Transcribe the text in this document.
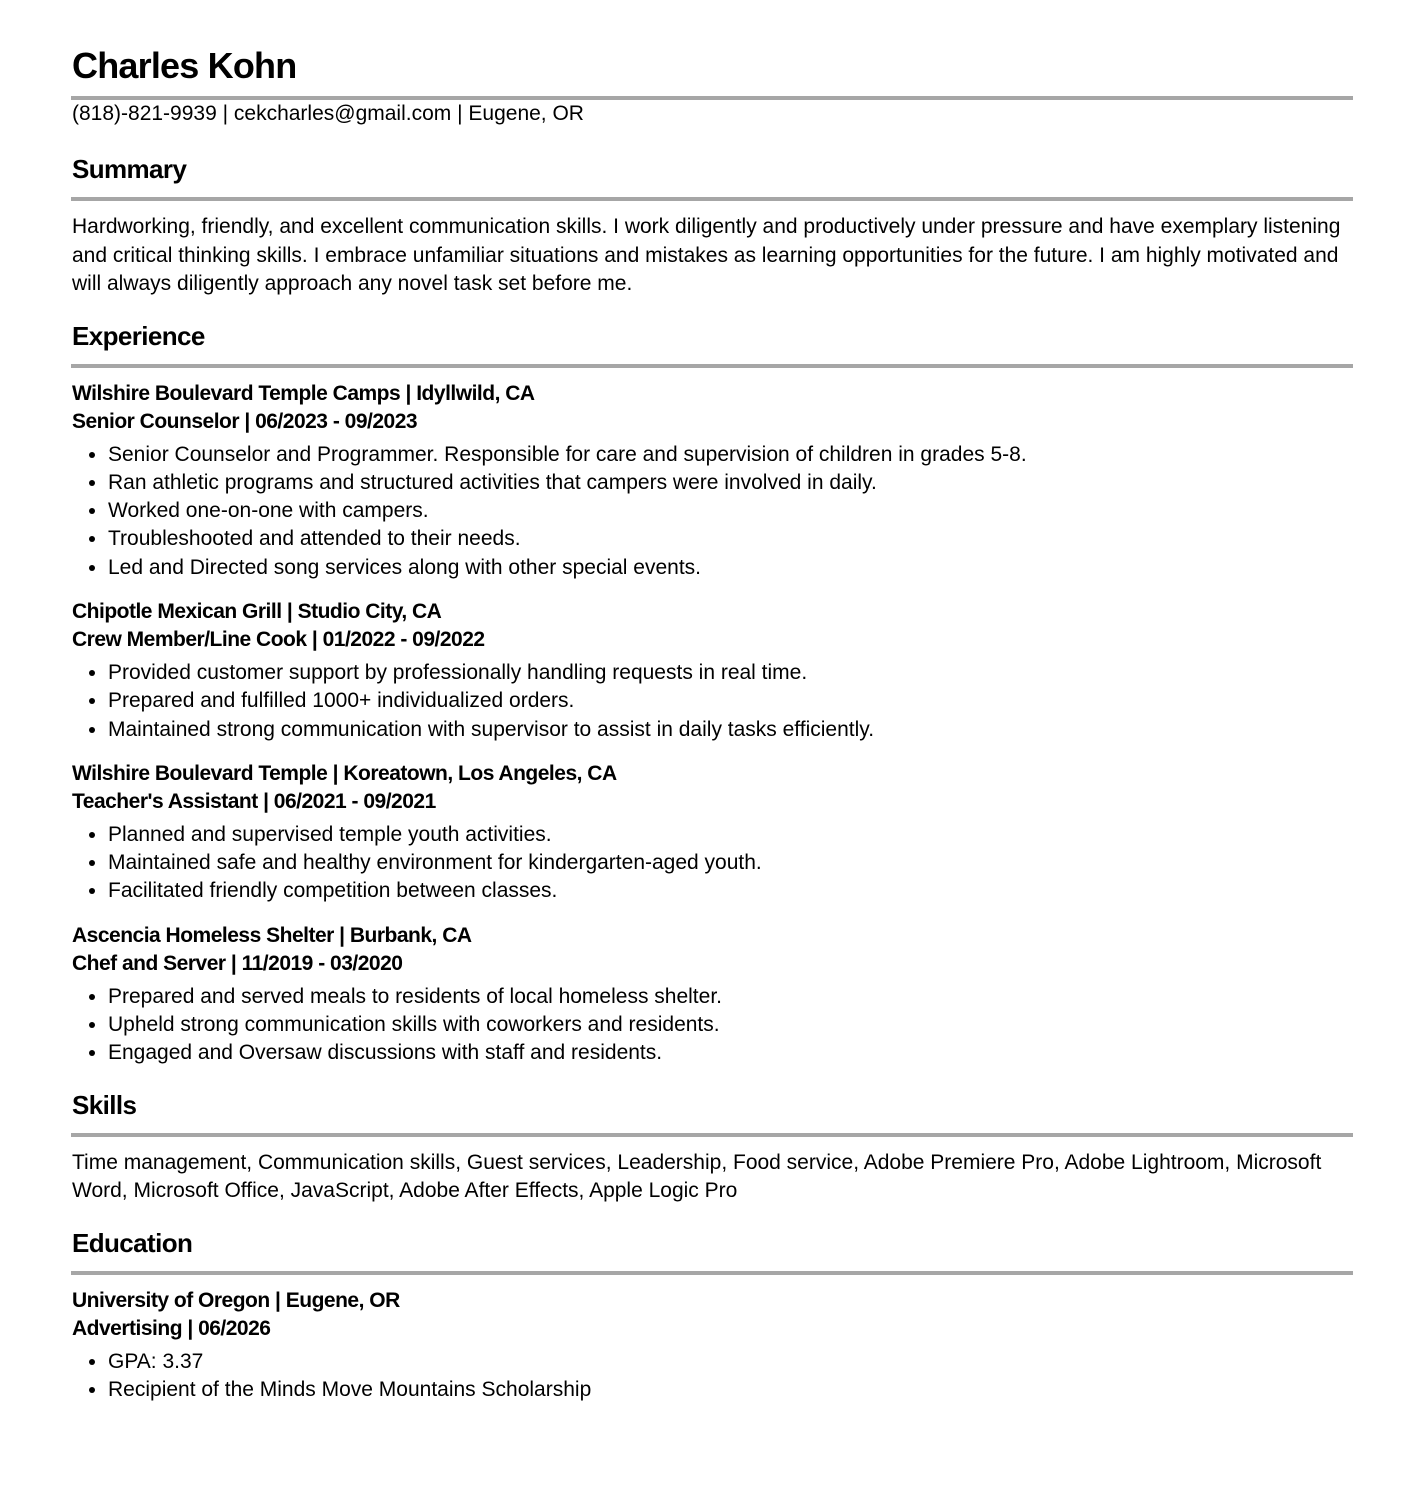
Charles Kohn
(818)-821-9939 | cekcharles@gmail.com | Eugene, OR
Summary
Hardworking, friendly, and excellent communication skills. I work diligently and productively under pressure and have exemplary listening and critical thinking skills. I embrace unfamiliar situations and mistakes as learning opportunities for the future. I am highly motivated and will always diligently approach any novel task set before me.
Experience
Wilshire Boulevard Temple Camps | Idyllwild, CA
Senior Counselor | 06/2023 - 09/2023
• Senior Counselor and Programmer. Responsible for care and supervision of children in grades 5-8.
• Ran athletic programs and structured activities that campers were involved in daily.
• Worked one-on-one with campers.
• Troubleshooted and attended to their needs.
• Led and Directed song services along with other special events.
Chipotle Mexican Grill | Studio City, CA
Crew Member/Line Cook | 01/2022 - 09/2022
• Provided customer support by professionally handling requests in real time.
• Prepared and fulfilled 1000+ individualized orders.
• Maintained strong communication with supervisor to assist in daily tasks efficiently.
Wilshire Boulevard Temple | Koreatown, Los Angeles, CA
Teacher's Assistant | 06/2021 - 09/2021
• Planned and supervised temple youth activities.
• Maintained safe and healthy environment for kindergarten-aged youth.
• Facilitated friendly competition between classes.
Ascencia Homeless Shelter | Burbank, CA
Chef and Server | 11/2019 - 03/2020
• Prepared and served meals to residents of local homeless shelter.
• Upheld strong communication skills with coworkers and residents.
• Engaged and Oversaw discussions with staff and residents.
Skills
Time management, Communication skills, Guest services, Leadership, Food service, Adobe Premiere Pro, Adobe Lightroom, Microsoft Word, Microsoft Office, JavaScript, Adobe After Effects, Apple Logic Pro
Education
University of Oregon | Eugene, OR
Advertising | 06/2026
• GPA: 3.37
• Recipient of the Minds Move Mountains Scholarship
